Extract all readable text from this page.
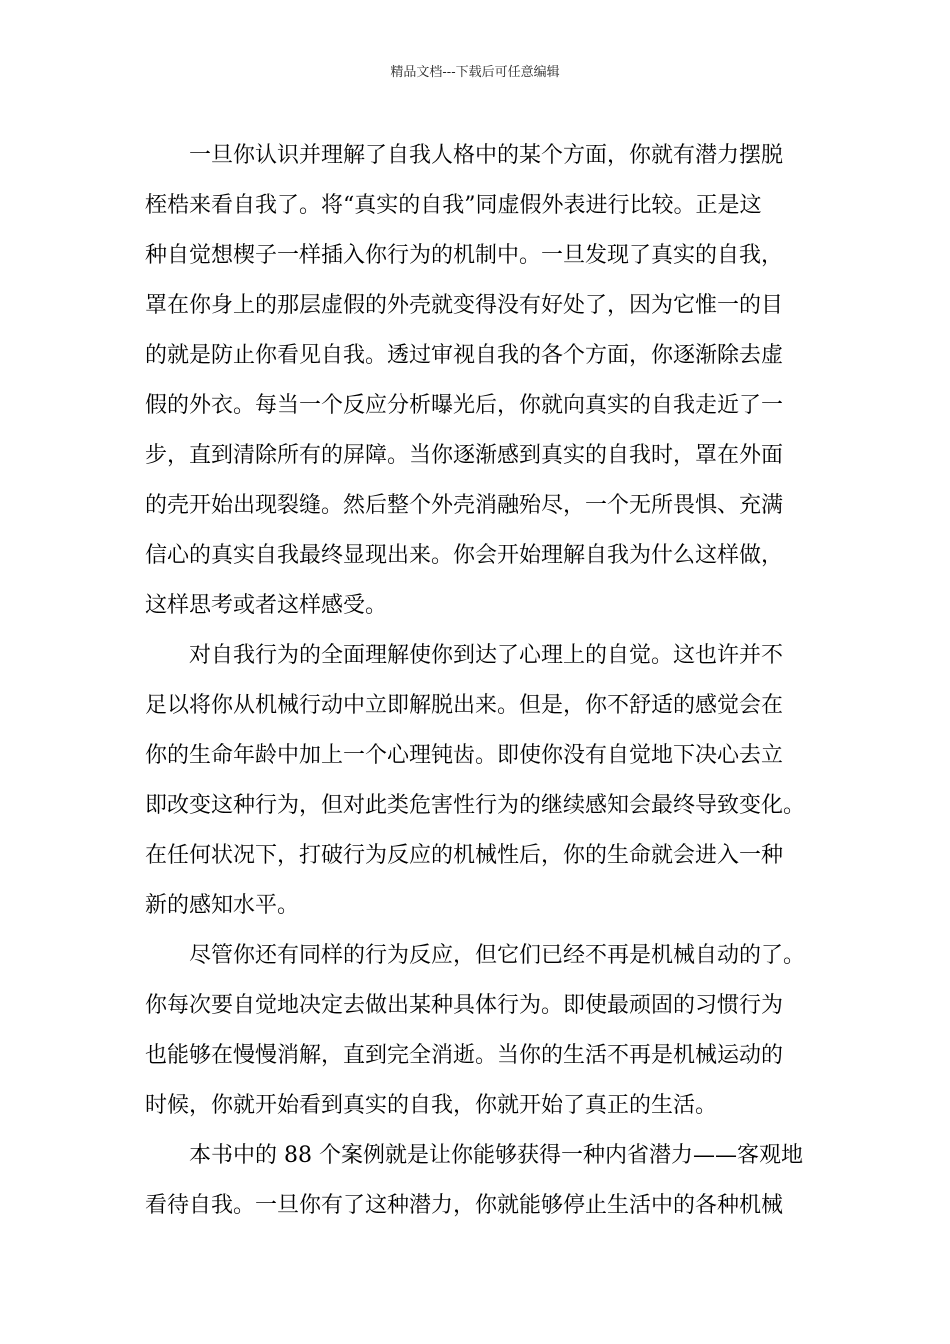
精品文档---下载后可任意编辑

一旦你认识并理解了自我人格中的某个方面，你就有潜力摆脱
桎梏来看自我了。将“真实的自我”同虚假外表进行比较。正是这
种自觉想楔子一样插入你行为的机制中。一旦发现了真实的自我，
罩在你身上的那层虚假的外壳就变得没有好处了，因为它惟一的目
的就是防止你看见自我。透过审视自我的各个方面，你逐渐除去虚
假的外衣。每当一个反应分析曝光后，你就向真实的自我走近了一
步，直到清除所有的屏障。当你逐渐感到真实的自我时，罩在外面
的壳开始出现裂缝。然后整个外壳消融殆尽，一个无所畏惧、充满
信心的真实自我最终显现出来。你会开始理解自我为什么这样做，
这样思考或者这样感受。

对自我行为的全面理解使你到达了心理上的自觉。这也许并不
足以将你从机械行动中立即解脱出来。但是，你不舒适的感觉会在
你的生命年龄中加上一个心理钝齿。即使你没有自觉地下决心去立
即改变这种行为，但对此类危害性行为的继续感知会最终导致变化。
在任何状况下，打破行为反应的机械性后，你的生命就会进入一种
新的感知水平。

尽管你还有同样的行为反应，但它们已经不再是机械自动的了。
你每次要自觉地决定去做出某种具体行为。即使最顽固的习惯行为
也能够在慢慢消解，直到完全消逝。当你的生活不再是机械运动的
时候，你就开始看到真实的自我，你就开始了真正的生活。

本书中的 88 个案例就是让你能够获得一种内省潜力——客观地
看待自我。一旦你有了这种潜力，你就能够停止生活中的各种机械
